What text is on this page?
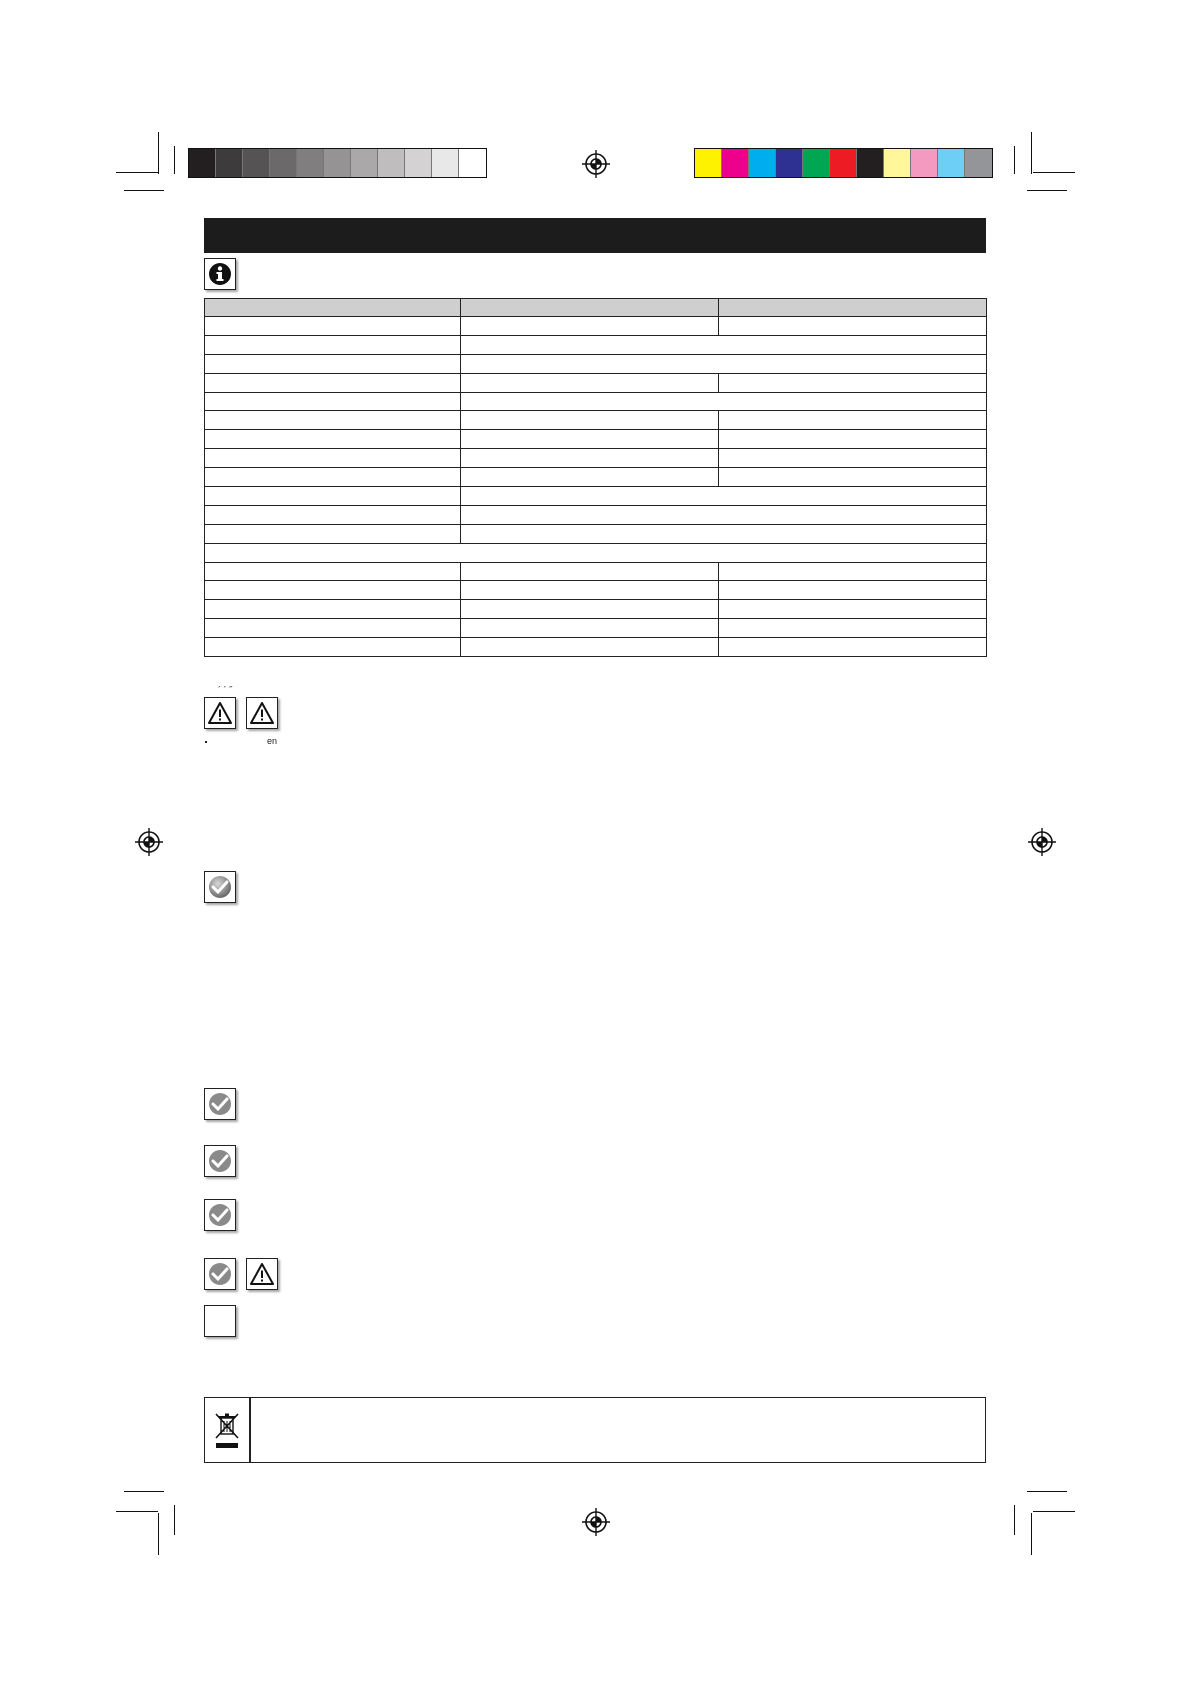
´ ´ ˝
en
